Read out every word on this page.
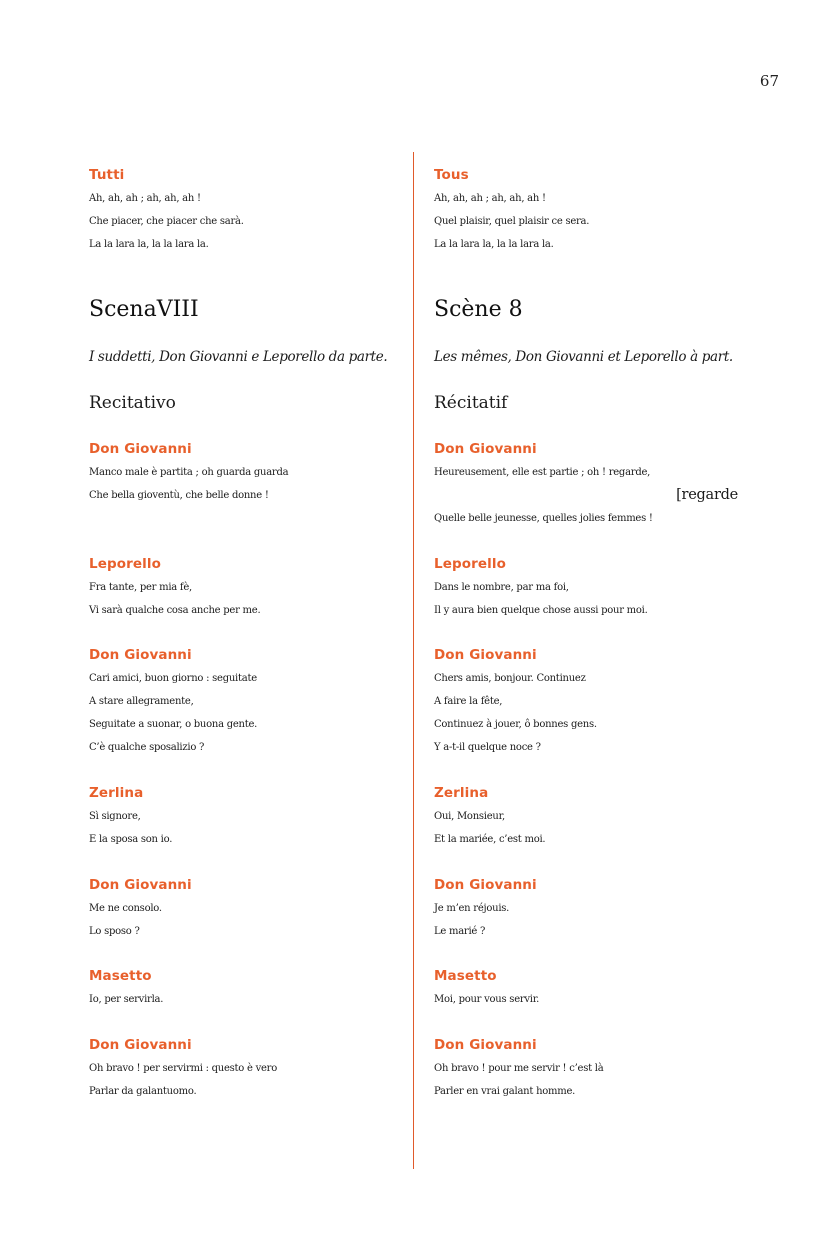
67
Tutti
Ah, ah, ah ; ah, ah, ah !
Che piacer, che piacer che sarà.
La la lara la, la la lara la.
ScenaVIII
I suddetti, Don Giovanni e Leporello da parte.
Recitativo
Don Giovanni
Manco male è partita ; oh guarda guarda
Che bella gioventù, che belle donne !
Leporello
Fra tante, per mia fè,
Vi sarà qualche cosa anche per me.
Don Giovanni
Cari amici, buon giorno : seguitate
A stare allegramente,
Seguitate a suonar, o buona gente.
C’è qualche sposalizio ?
Zerlina
Sì signore,
E la sposa son io.
Don Giovanni
Me ne consolo.
Lo sposo ?
Masetto
Io, per servirla.
Don Giovanni
Oh bravo ! per servirmi : questo è vero
Parlar da galantuomo.
Tous
Ah, ah, ah ; ah, ah, ah !
Quel plaisir, quel plaisir ce sera.
La la lara la, la la lara la.
Scène 8
Les mêmes, Don Giovanni et Leporello à part.
Récitatif
Don Giovanni
Heureusement, elle est partie ; oh ! regarde,
[regarde
Quelle belle jeunesse, quelles jolies femmes !
Leporello
Dans le nombre, par ma foi,
Il y aura bien quelque chose aussi pour moi.
Don Giovanni
Chers amis, bonjour. Continuez
A faire la fête,
Continuez à jouer, ô bonnes gens.
Y a-t-il quelque noce ?
Zerlina
Oui, Monsieur,
Et la mariée, c’est moi.
Don Giovanni
Je m’en réjouis.
Le marié ?
Masetto
Moi, pour vous servir.
Don Giovanni
Oh bravo ! pour me servir ! c’est là
Parler en vrai galant homme.
